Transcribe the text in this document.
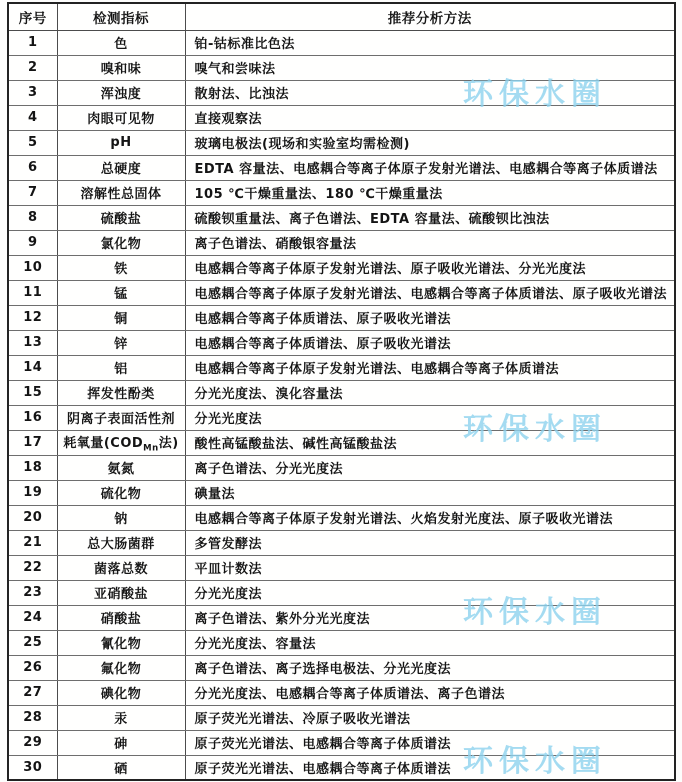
序号	检测指标	推荐分析方法
1	色	铂-钴标准比色法
2	嗅和味	嗅气和尝味法
3	浑浊度	散射法、比浊法
4	肉眼可见物	直接观察法
5	pH	玻璃电极法(现场和实验室均需检测)
6	总硬度	EDTA 容量法、电感耦合等离子体原子发射光谱法、电感耦合等离子体质谱法
7	溶解性总固体	105 ℃干燥重量法、180 ℃干燥重量法
8	硫酸盐	硫酸钡重量法、离子色谱法、EDTA 容量法、硫酸钡比浊法
9	氯化物	离子色谱法、硝酸银容量法
10	铁	电感耦合等离子体原子发射光谱法、原子吸收光谱法、分光光度法
11	锰	电感耦合等离子体原子发射光谱法、电感耦合等离子体质谱法、原子吸收光谱法
12	铜	电感耦合等离子体质谱法、原子吸收光谱法
13	锌	电感耦合等离子体质谱法、原子吸收光谱法
14	铝	电感耦合等离子体原子发射光谱法、电感耦合等离子体质谱法
15	挥发性酚类	分光光度法、溴化容量法
16	阴离子表面活性剂	分光光度法
17	耗氧量($COD_{Mn}$法)	酸性高锰酸盐法、碱性高锰酸盐法
18	氨氮	离子色谱法、分光光度法
19	硫化物	碘量法
20	钠	电感耦合等离子体原子发射光谱法、火焰发射光度法、原子吸收光谱法
21	总大肠菌群	多管发酵法
22	菌落总数	平皿计数法
23	亚硝酸盐	分光光度法
24	硝酸盐	离子色谱法、紫外分光光度法
25	氰化物	分光光度法、容量法
26	氟化物	离子色谱法、离子选择电极法、分光光度法
27	碘化物	分光光度法、电感耦合等离子体质谱法、离子色谱法
28	汞	原子荧光光谱法、冷原子吸收光谱法
29	砷	原子荧光光谱法、电感耦合等离子体质谱法
30	硒	原子荧光光谱法、电感耦合等离子体质谱法
环保水圈
环保水圈
环保水圈
环保水圈
